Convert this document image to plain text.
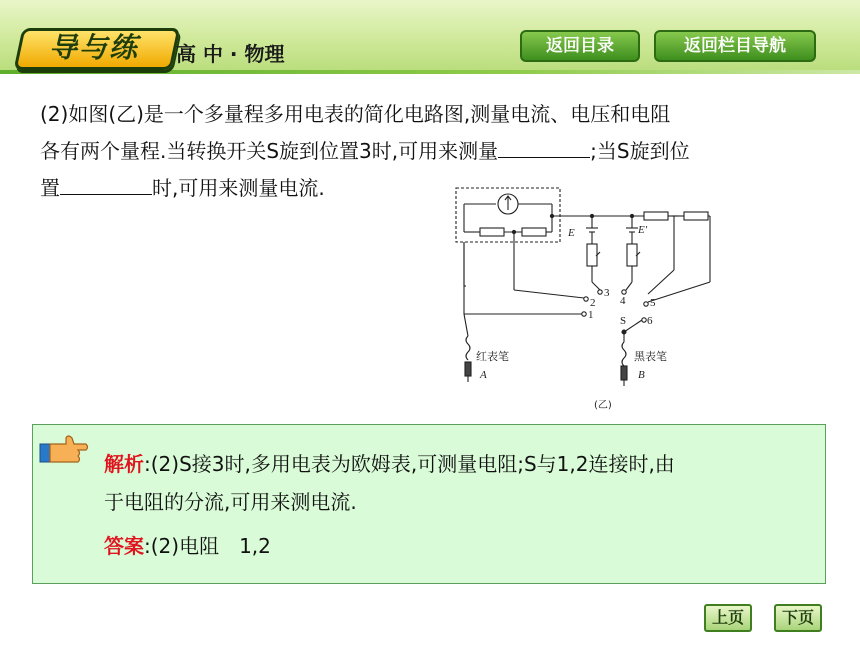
导与练	高 中 · 物理	返回目录	返回栏目导航
(2)如图(乙)是一个多量程多用电表的简化电路图,测量电流、电压和电阻
各有两个量程.当转换开关S旋到位置3时,可用来测量	;当S旋到位
置	时,可用来测量电流.
E	E′
3
2
1
4 5
6
S
红表笔	黑表笔
A	B
(乙)
解析:(2)S接3时,多用电表为欧姆表,可测量电阻;S与1,2连接时,由
于电阻的分流,可用来测电流.
答案:(2)电阻　1,2
上页	下页
